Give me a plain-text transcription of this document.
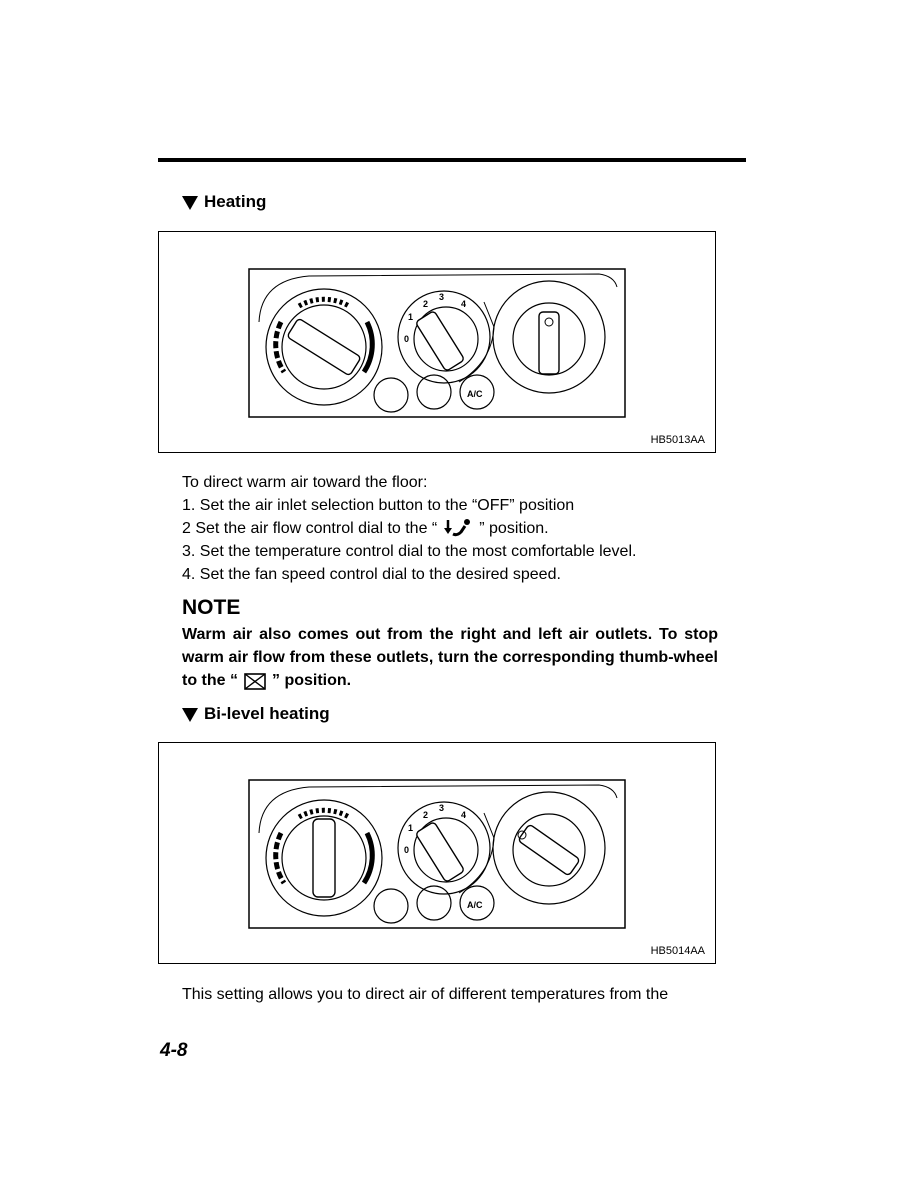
Heating
1
2
3
4
0
A/C
HB5013AA

To direct warm air toward the floor:

1. Set the air inlet selection button to the “OFF” position

2 Set the air flow control dial to the “	” position.

3. Set the temperature control dial to the most comfortable level.

4. Set the fan speed control dial to the desired speed.

NOTE
Warm air also comes out from the right and left air outlets. To stop warm air flow from these outlets, turn the corresponding thumb-wheel to the “ ” position.
Bi-level heating
1
2
3
4
0
A/C
HB5014AA

This setting allows you to direct air of different temperatures from the

4-8
